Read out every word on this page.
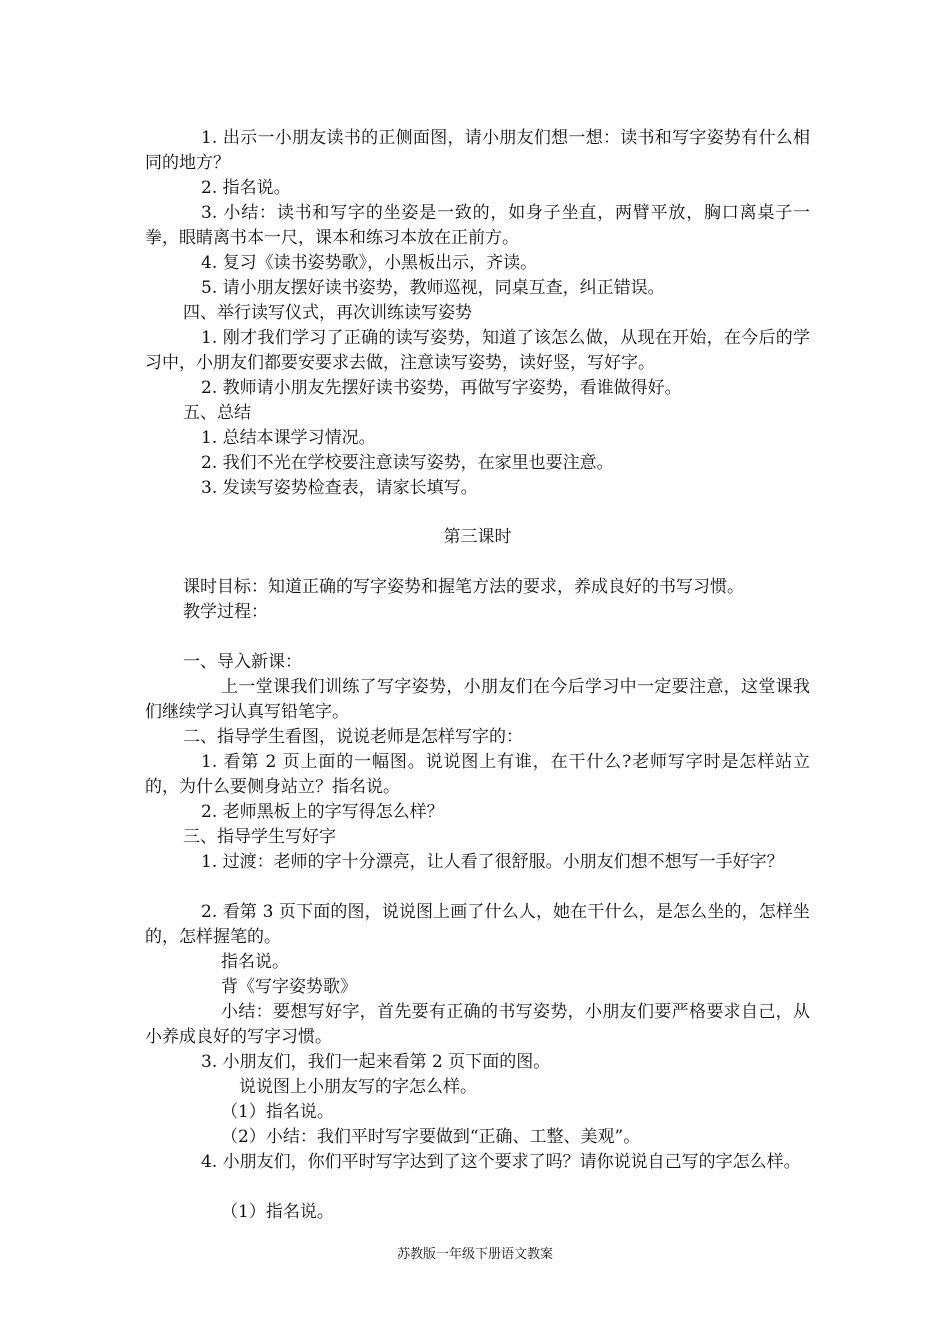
1. 出示一小朋友读书的正侧面图，请小朋友们想一想：读书和写字姿势有什么相同的地方？

2. 指名说。

3. 小结：读书和写字的坐姿是一致的，如身子坐直，两臂平放，胸口离桌子一拳，眼睛离书本一尺，课本和练习本放在正前方。

4. 复习《读书姿势歌》，小黑板出示，齐读。

5. 请小朋友摆好读书姿势，教师巡视，同桌互查，纠正错误。

四、举行读写仪式，再次训练读写姿势

1. 刚才我们学习了正确的读写姿势，知道了该怎么做，从现在开始，在今后的学习中，小朋友们都要安要求去做，注意读写姿势，读好竖，写好字。

2. 教师请小朋友先摆好读书姿势，再做写字姿势，看谁做得好。

五、总结

1. 总结本课学习情况。

2. 我们不光在学校要注意读写姿势，在家里也要注意。

3. 发读写姿势检查表，请家长填写。

第三课时

课时目标：知道正确的写字姿势和握笔方法的要求，养成良好的书写习惯。

教学过程：

一、导入新课：

上一堂课我们训练了写字姿势，小朋友们在今后学习中一定要注意，这堂课我们继续学习认真写铅笔字。

二、指导学生看图，说说老师是怎样写字的：

1. 看第 2 页上面的一幅图。说说图上有谁，在干什么?老师写字时是怎样站立的，为什么要侧身站立？指名说。

2. 老师黑板上的字写得怎么样？

三、指导学生写好字

1. 过渡：老师的字十分漂亮，让人看了很舒服。小朋友们想不想写一手好字？

2. 看第 3 页下面的图，说说图上画了什么人，她在干什么，是怎么坐的，怎样坐的，怎样握笔的。

指名说。

背《写字姿势歌》

小结：要想写好字，首先要有正确的书写姿势，小朋友们要严格要求自己，从小养成良好的写字习惯。

3. 小朋友们，我们一起来看第 2 页下面的图。

说说图上小朋友写的字怎么样。

（1）指名说。

（2）小结：我们平时写字要做到“正确、工整、美观”。

4. 小朋友们，你们平时写字达到了这个要求了吗？请你说说自己写的字怎么样。

（1）指名说。

苏教版一年级下册语文教案
